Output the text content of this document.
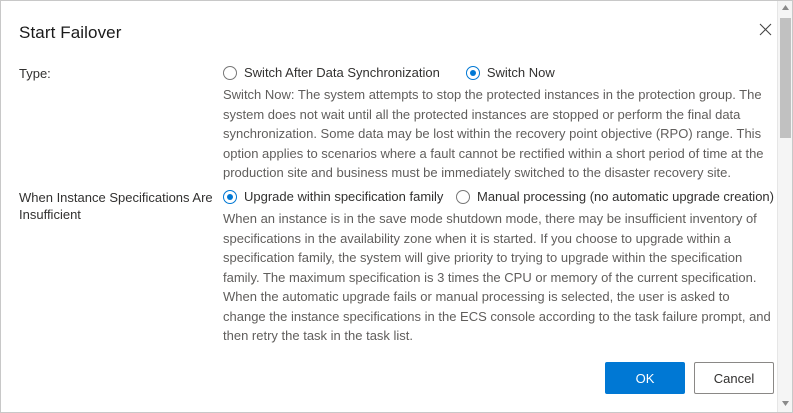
Start Failover
Type:	Switch After Data Synchronization	Switch Now
Switch Now: The system attempts to stop the protected instances in the protection group. The system does not wait until all the protected instances are stopped or perform the final data synchronization. Some data may be lost within the recovery point objective (RPO) range. This option applies to scenarios where a fault cannot be rectified within a short period of time at the production site and business must be immediately switched to the disaster recovery site.
When Instance Specifications Are Insufficient
Upgrade within specification family	Manual processing (no automatic upgrade creation)
When an instance is in the save mode shutdown mode, there may be insufficient inventory of specifications in the availability zone when it is started. If you choose to upgrade within a specification family, the system will give priority to trying to upgrade within the specification family. The maximum specification is 3 times the CPU or memory of the current specification. When the automatic upgrade fails or manual processing is selected, the user is asked to change the instance specifications in the ECS console according to the task failure prompt, and then retry the task in the task list.
OK	Cancel
